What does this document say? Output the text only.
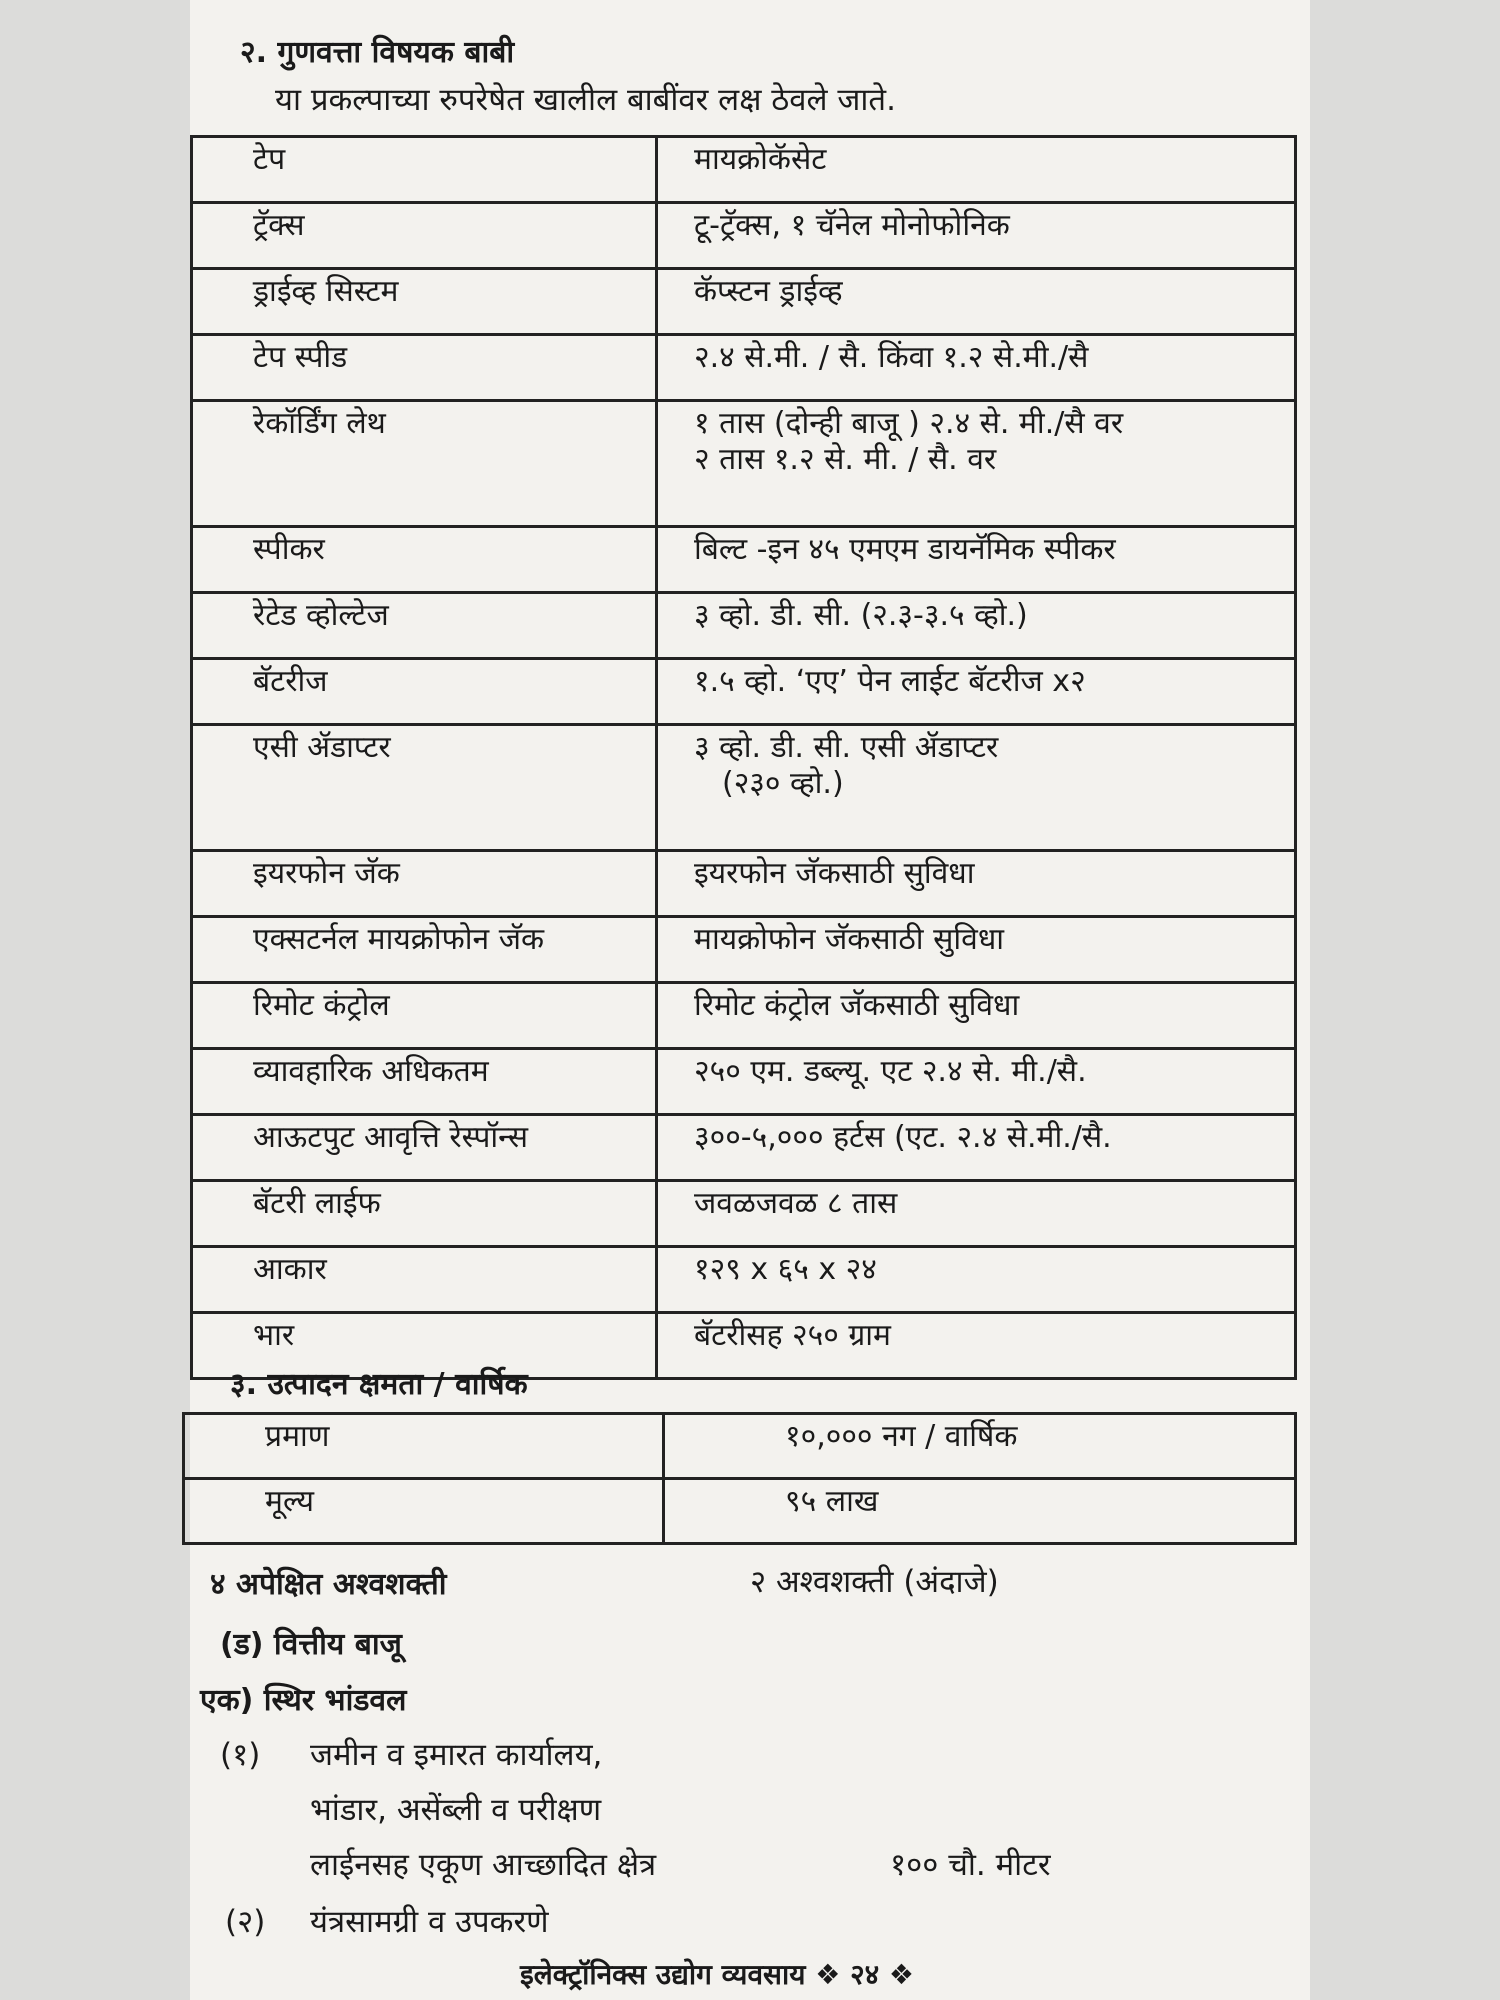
२. गुणवत्ता विषयक बाबी
या प्रकल्पाच्या रुपरेषेत खालील बाबींवर लक्ष ठेवले जाते.
टेप	मायक्रोकॅसेट

ट्रॅक्स	टू-ट्रॅक्स, १ चॅनेल मोनोफोनिक

ड्राईव्ह सिस्टम	कॅप्स्टन ड्राईव्ह

टेप स्पीड	२.४ से.मी. / सै. किंवा १.२ से.मी./सै

रेकॉर्डिंग लेथ	१ तास (दोन्ही बाजू ) २.४ से. मी./सै वर
२ तास १.२ से. मी. / सै. वर

स्पीकर	बिल्ट -इन ४५ एमएम डायनॅमिक स्पीकर

रेटेड व्होल्टेज	३ व्हो. डी. सी. (२.३-३.५ व्हो.)

बॅटरीज	१.५ व्हो. ‘एए’ पेन लाईट बॅटरीज x२

एसी ॲडाप्टर	३ व्हो. डी. सी. एसी ॲडाप्टर
(२३० व्हो.)

इयरफोन जॅक	इयरफोन जॅकसाठी सुविधा

एक्सटर्नल मायक्रोफोन जॅक	मायक्रोफोन जॅकसाठी सुविधा

रिमोट कंट्रोल	रिमोट कंट्रोल जॅकसाठी सुविधा

व्यावहारिक अधिकतम	२५० एम. डब्ल्यू. एट २.४ से. मी./सै.

आऊटपुट आवृत्ति रेस्पॉन्स	३००-५,००० हर्टस (एट. २.४ से.मी./सै.

बॅटरी लाईफ	जवळजवळ ८ तास

आकार	१२९ x ६५ x २४

भार	बॅटरीसह २५० ग्राम
३. उत्पादन क्षमता / वार्षिक
प्रमाण	१०,००० नग / वार्षिक

मूल्य	९५ लाख
४ अपेक्षित अश्वशक्ती	२ अश्वशक्ती (अंदाजे)
(ड) वित्तीय बाजू
एक) स्थिर भांडवल
(१) जमीन व इमारत कार्यालय,
भांडार, असेंब्ली व परीक्षण
लाईनसह एकूण आच्छादित क्षेत्र	१०० चौ. मीटर
(२) यंत्रसामग्री व उपकरणे
इलेक्ट्रॉनिक्स उद्योग व्यवसाय ❖ २४ ❖
